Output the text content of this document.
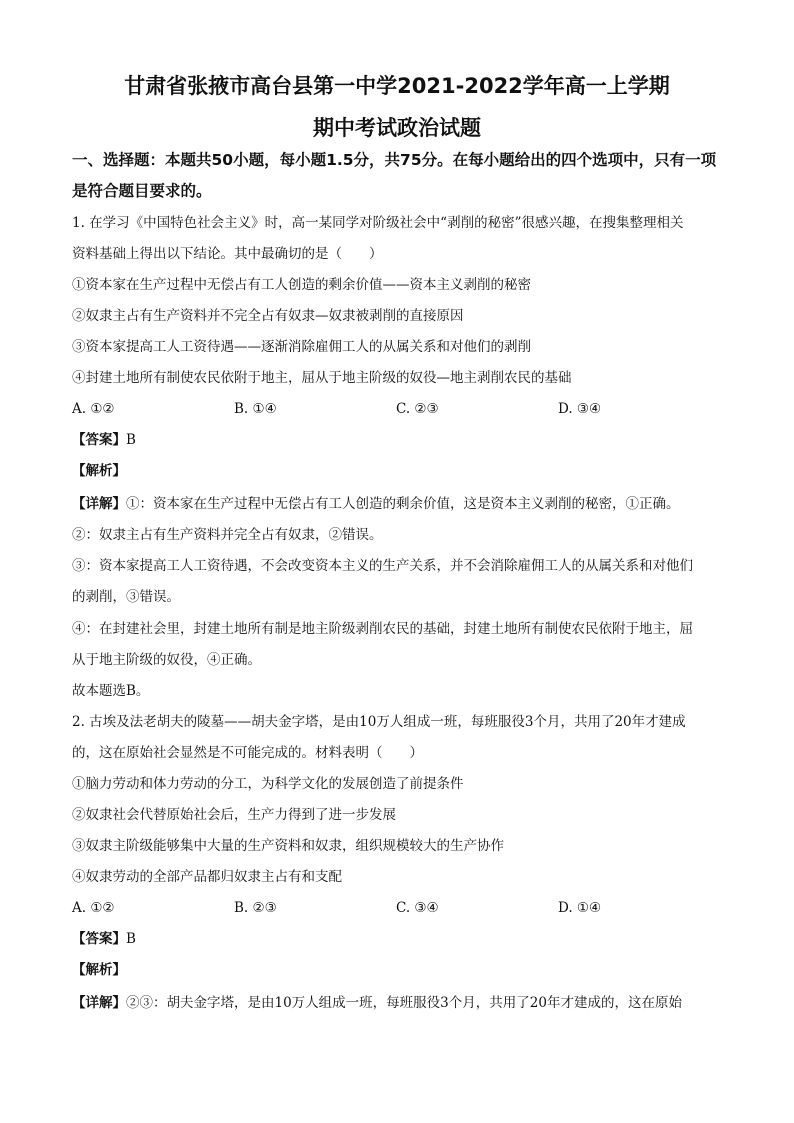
甘肃省张掖市高台县第一中学2021-2022学年高一上学期
期中考试政治试题
一、选择题：本题共50小题，每小题1.5分，共75分。在每小题给出的四个选项中，只有一项是符合题目要求的。
1. 在学习《中国特色社会主义》时，高一某同学对阶级社会中“剥削的秘密”很感兴趣，在搜集整理相关
资料基础上得出以下结论。其中最确切的是（　　）
①资本家在生产过程中无偿占有工人创造的剩余价值——资本主义剥削的秘密
②奴隶主占有生产资料并不完全占有奴隶—奴隶被剥削的直接原因
③资本家提高工人工资待遇——逐渐消除雇佣工人的从属关系和对他们的剥削
④封建土地所有制使农民依附于地主，屈从于地主阶级的奴役—地主剥削农民的基础
A. ①②	B. ①④	C. ②③	D. ③④
【答案】B
【解析】
【详解】①：资本家在生产过程中无偿占有工人创造的剩余价值，这是资本主义剥削的秘密，①正确。
②：奴隶主占有生产资料并完全占有奴隶，②错误。
③：资本家提高工人工资待遇，不会改变资本主义的生产关系，并不会消除雇佣工人的从属关系和对他们
的剥削，③错误。
④：在封建社会里，封建土地所有制是地主阶级剥削农民的基础，封建土地所有制使农民依附于地主，屈
从于地主阶级的奴役，④正确。
故本题选B。
2. 古埃及法老胡夫的陵墓——胡夫金字塔，是由10万人组成一班，每班服役3个月，共用了20年才建成
的，这在原始社会显然是不可能完成的。材料表明（　　）
①脑力劳动和体力劳动的分工，为科学文化的发展创造了前提条件
②奴隶社会代替原始社会后，生产力得到了进一步发展
③奴隶主阶级能够集中大量的生产资料和奴隶，组织规模较大的生产协作
④奴隶劳动的全部产品都归奴隶主占有和支配
A. ①②	B. ②③	C. ③④	D. ①④
【答案】B
【解析】
【详解】②③：胡夫金字塔，是由10万人组成一班，每班服役3个月，共用了20年才建成的，这在原始
